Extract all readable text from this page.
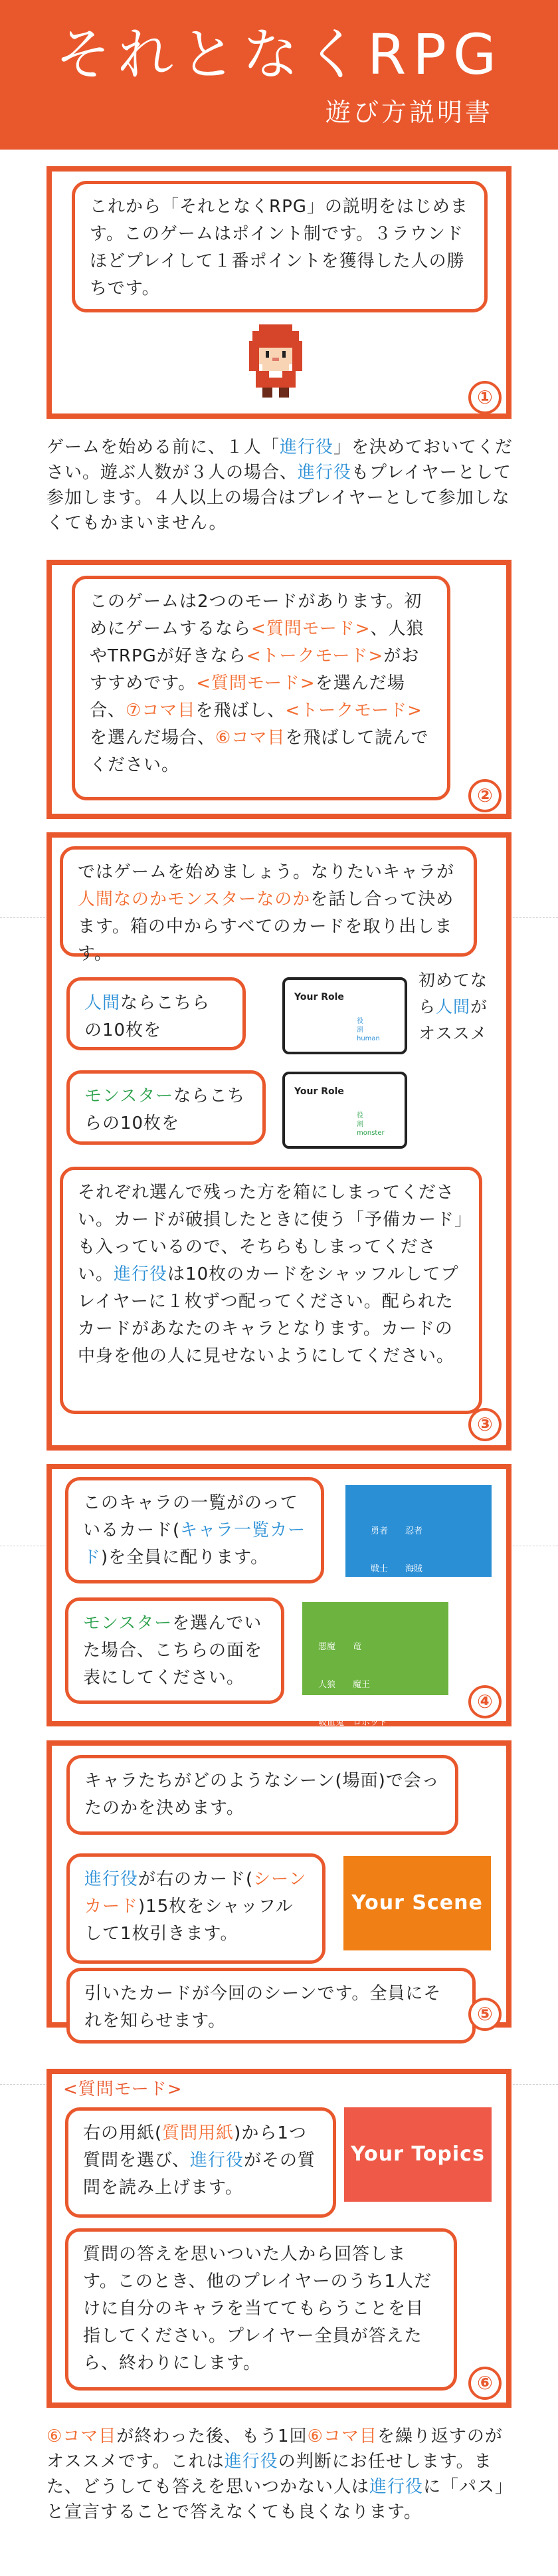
それとなくRPG
遊び方説明書
これから「それとなくRPG」の説明をはじめます。このゲームはポイント制です。３ラウンドほどプレイして１番ポイントを獲得した人の勝ちです。
①
ゲームを始める前に、１人「進行役」を決めておいてください。遊ぶ人数が３人の場合、進行役もプレイヤーとして参加します。４人以上の場合はプレイヤーとして参加しなくてもかまいません。
このゲームは2つのモードがあります。初めにゲームするなら<質問モード>、人狼やTRPGが好きなら<トークモード>がおすすめです。<質問モード>を選んだ場合、⑦コマ目を飛ばし、<トークモード>を選んだ場合、⑥コマ目を飛ばして読んでください。
②
ではゲームを始めましょう。なりたいキャラが人間なのかモンスターなのかを話し合って決めます。箱の中からすべてのカードを取り出します。
人間ならこちらの10枚を
Your Role
役
割
human
初めてな
ら人間が
オススメ
モンスターならこちらの10枚を
Your Role
役
割
monster
それぞれ選んで残った方を箱にしまってください。カードが破損したときに使う「予備カード」も入っているので、そちらもしまってください。進行役は10枚のカードをシャッフルしてプレイヤーに１枚ずつ配ってください。配られたカードがあなたのキャラとなります。カードの中身を他の人に見せないようにしてください。
③
このキャラの一覧がのっているカード(キャラ一覧カード)を全員に配ります。

勇者　　忍者

戦士　　海賊

モンスターを選んでいた場合、こちらの面を表にしてください。

悪魔　　竜

人狼　　魔王

吸血鬼　ロボット

④
キャラたちがどのようなシーン(場面)で会ったのかを決めます。
進行役が右のカード(シーンカード)15枚をシャッフルして1枚引きます。
Your Scene
引いたカードが今回のシーンです。全員にそれを知らせます。	⑤
<質問モード>
右の用紙(質問用紙)から1つ質問を選び、進行役がその質問を読み上げます。
Your Topics
質問の答えを思いついた人から回答します。このとき、他のプレイヤーのうち1人だけに自分のキャラを当ててもらうことを目指してください。プレイヤー全員が答えたら、終わりにします。
⑥
⑥コマ目が終わった後、もう1回⑥コマ目を繰り返すのがオススメです。これは進行役の判断にお任せします。また、どうしても答えを思いつかない人は進行役に「パス」と宣言することで答えなくても良くなります。
